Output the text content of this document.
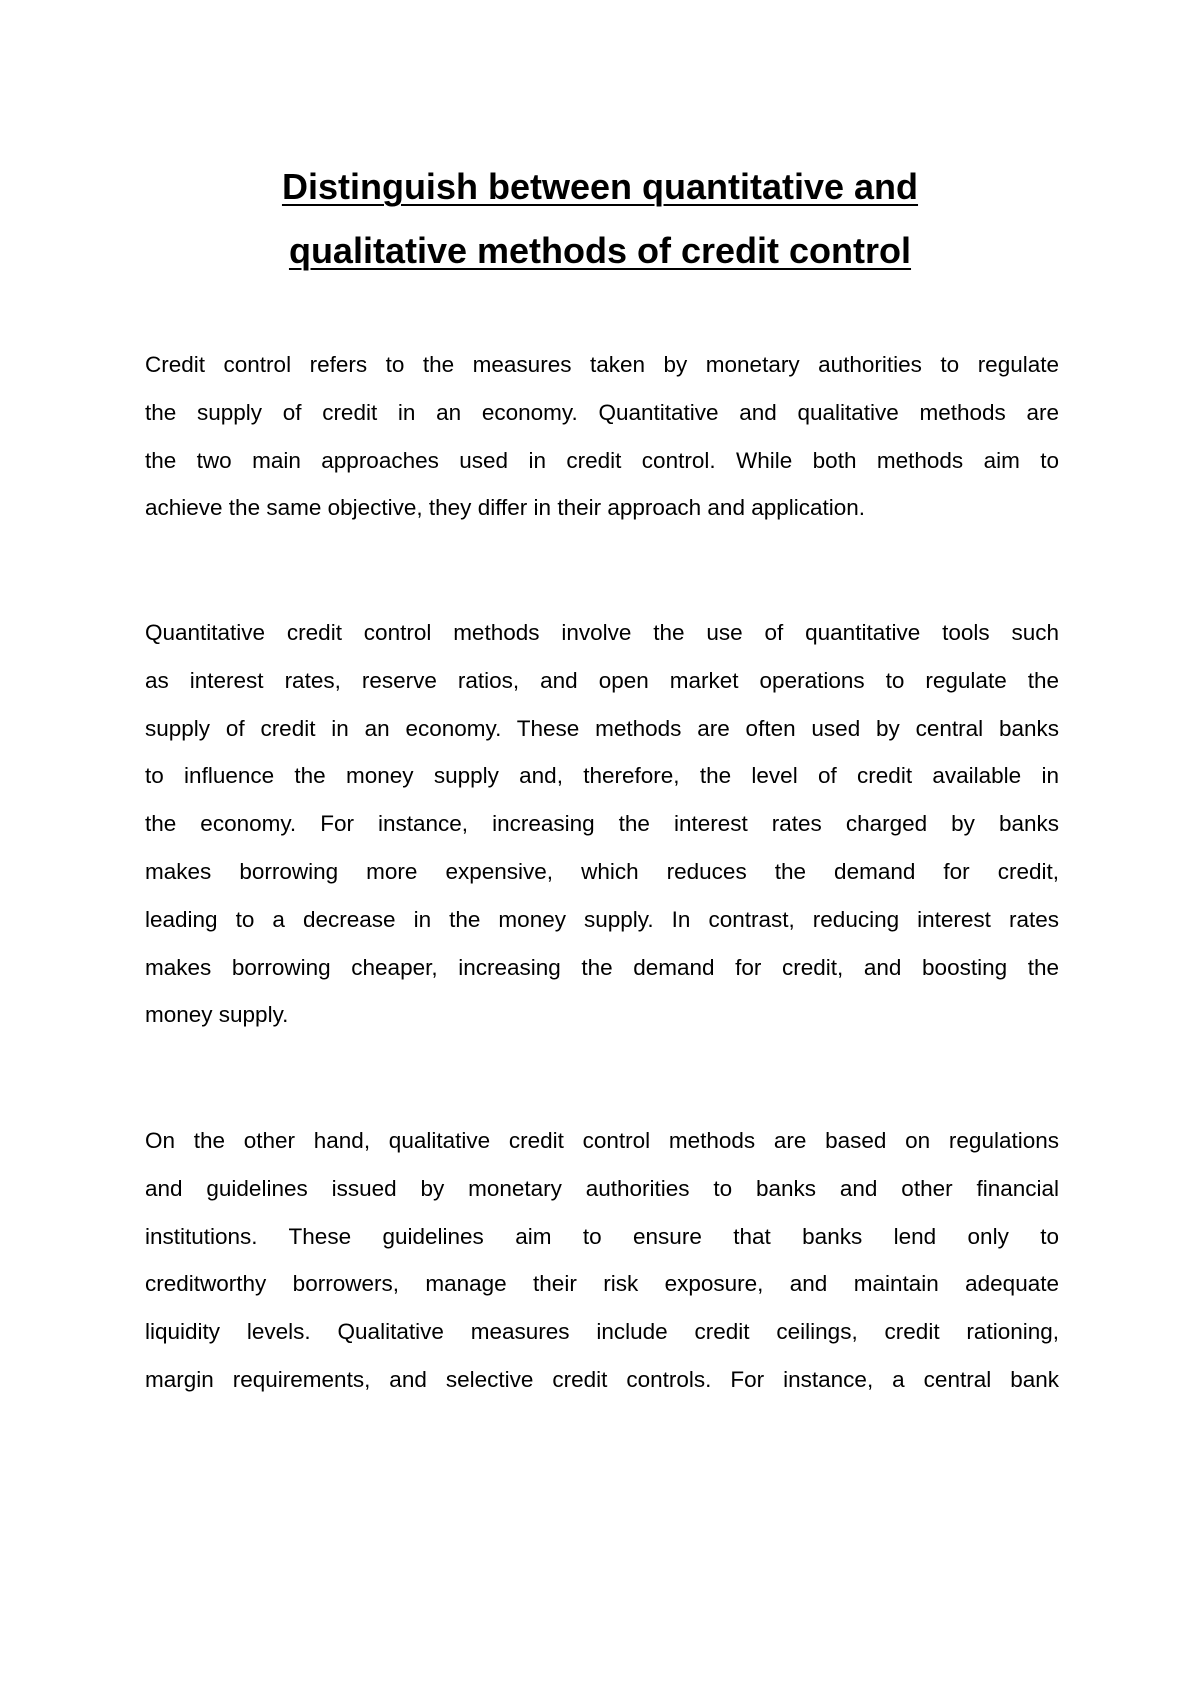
Distinguish between quantitative and
qualitative methods of credit control
Credit control refers to the measures taken by monetary authorities to regulate
the supply of credit in an economy. Quantitative and qualitative methods are
the two main approaches used in credit control. While both methods aim to
achieve the same objective, they differ in their approach and application.
Quantitative credit control methods involve the use of quantitative tools such
as interest rates, reserve ratios, and open market operations to regulate the
supply of credit in an economy. These methods are often used by central banks
to influence the money supply and, therefore, the level of credit available in
the economy. For instance, increasing the interest rates charged by banks
makes borrowing more expensive, which reduces the demand for credit,
leading to a decrease in the money supply. In contrast, reducing interest rates
makes borrowing cheaper, increasing the demand for credit, and boosting the
money supply.
On the other hand, qualitative credit control methods are based on regulations
and guidelines issued by monetary authorities to banks and other financial
institutions. These guidelines aim to ensure that banks lend only to
creditworthy borrowers, manage their risk exposure, and maintain adequate
liquidity levels. Qualitative measures include credit ceilings, credit rationing,
margin requirements, and selective credit controls. For instance, a central bank
